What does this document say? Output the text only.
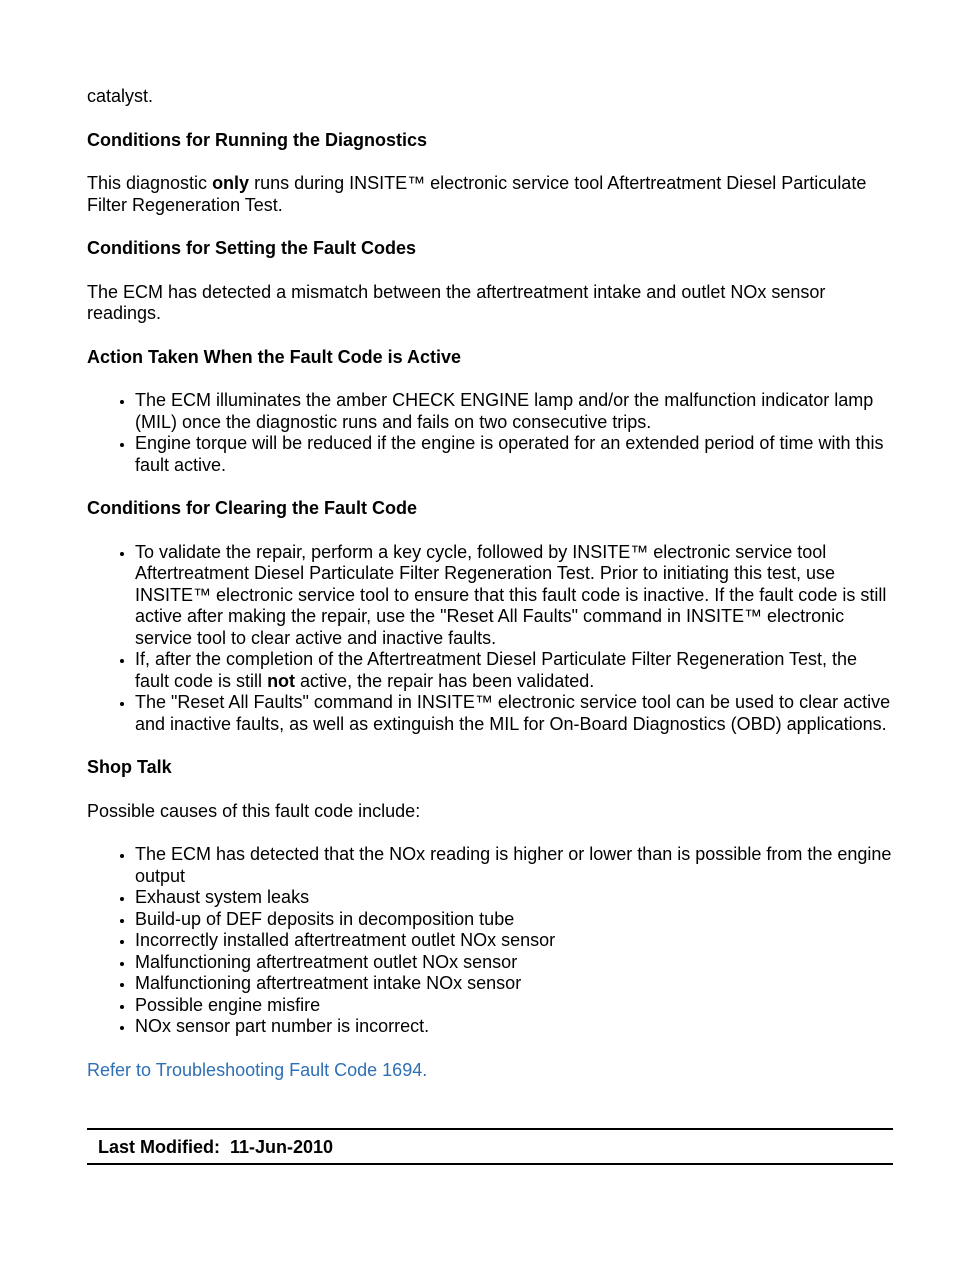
catalyst.

Conditions for Running the Diagnostics

This diagnostic only runs during INSITE™ electronic service tool Aftertreatment Diesel Particulate Filter Regeneration Test.

Conditions for Setting the Fault Codes

The ECM has detected a mismatch between the aftertreatment intake and outlet NOx sensor readings.

Action Taken When the Fault Code is Active
• The ECM illuminates the amber CHECK ENGINE lamp and/or the malfunction indicator lamp (MIL) once the diagnostic runs and fails on two consecutive trips.
• Engine torque will be reduced if the engine is operated for an extended period of time with this fault active.
Conditions for Clearing the Fault Code
• To validate the repair, perform a key cycle, followed by INSITE™ electronic service tool Aftertreatment Diesel Particulate Filter Regeneration Test. Prior to initiating this test, use INSITE™ electronic service tool to ensure that this fault code is inactive. If the fault code is still active after making the repair, use the "Reset All Faults" command in INSITE™ electronic service tool to clear active and inactive faults.
• If, after the completion of the Aftertreatment Diesel Particulate Filter Regeneration Test, the fault code is still not active, the repair has been validated.
• The "Reset All Faults" command in INSITE™ electronic service tool can be used to clear active and inactive faults, as well as extinguish the MIL for On-Board Diagnostics (OBD) applications.
Shop Talk

Possible causes of this fault code include:

• The ECM has detected that the NOx reading is higher or lower than is possible from the engine output
• Exhaust system leaks
• Build-up of DEF deposits in decomposition tube
• Incorrectly installed aftertreatment outlet NOx sensor
• Malfunctioning aftertreatment outlet NOx sensor
• Malfunctioning aftertreatment intake NOx sensor
• Possible engine misfire
• NOx sensor part number is incorrect.

Refer to Troubleshooting Fault Code 1694.

Last Modified:  11-Jun-2010
